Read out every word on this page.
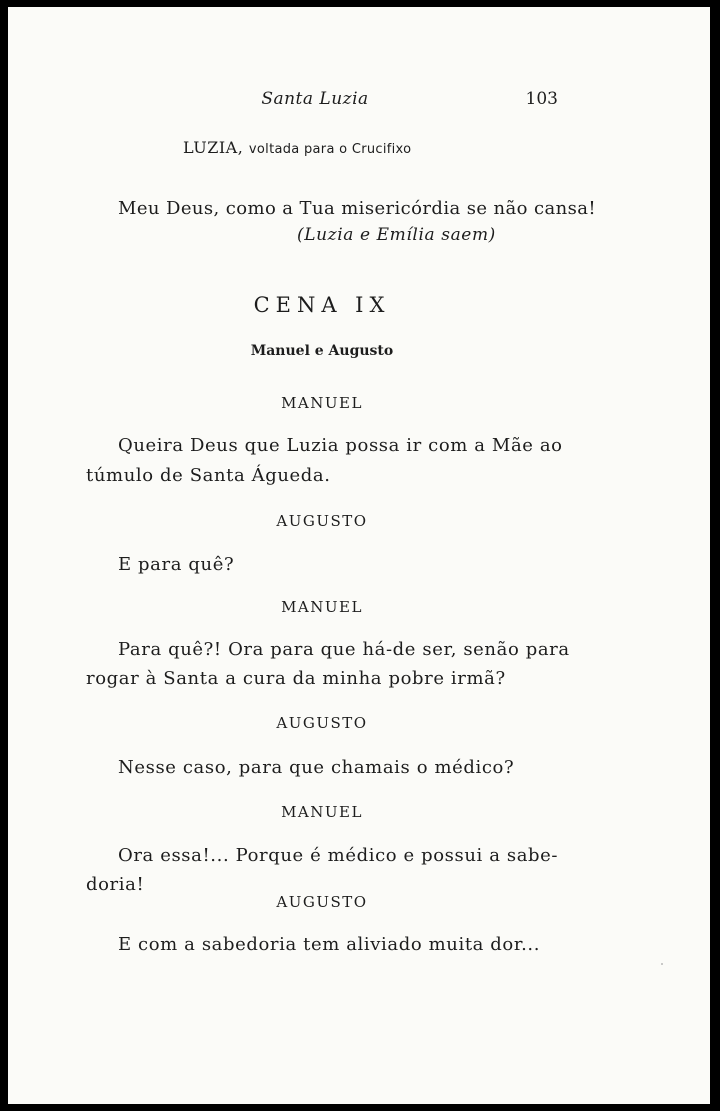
Santa Luzia	103
LUZIA, voltada para o Crucifixo
Meu Deus, como a Tua misericórdia se não cansa!
(Luzia e Emília saem)
CENA IX
Manuel e Augusto
MANUEL
Queira Deus que Luzia possa ir com a Mãe ao
túmulo de Santa Águeda.
AUGUSTO
E para quê?
MANUEL
Para quê?! Ora para que há-de ser, senão para
rogar à Santa a cura da minha pobre irmã?
AUGUSTO
Nesse caso, para que chamais o médico?
MANUEL
Ora essa!... Porque é médico e possui a sabe-
doria!
AUGUSTO
E com a sabedoria tem aliviado muita dor...
